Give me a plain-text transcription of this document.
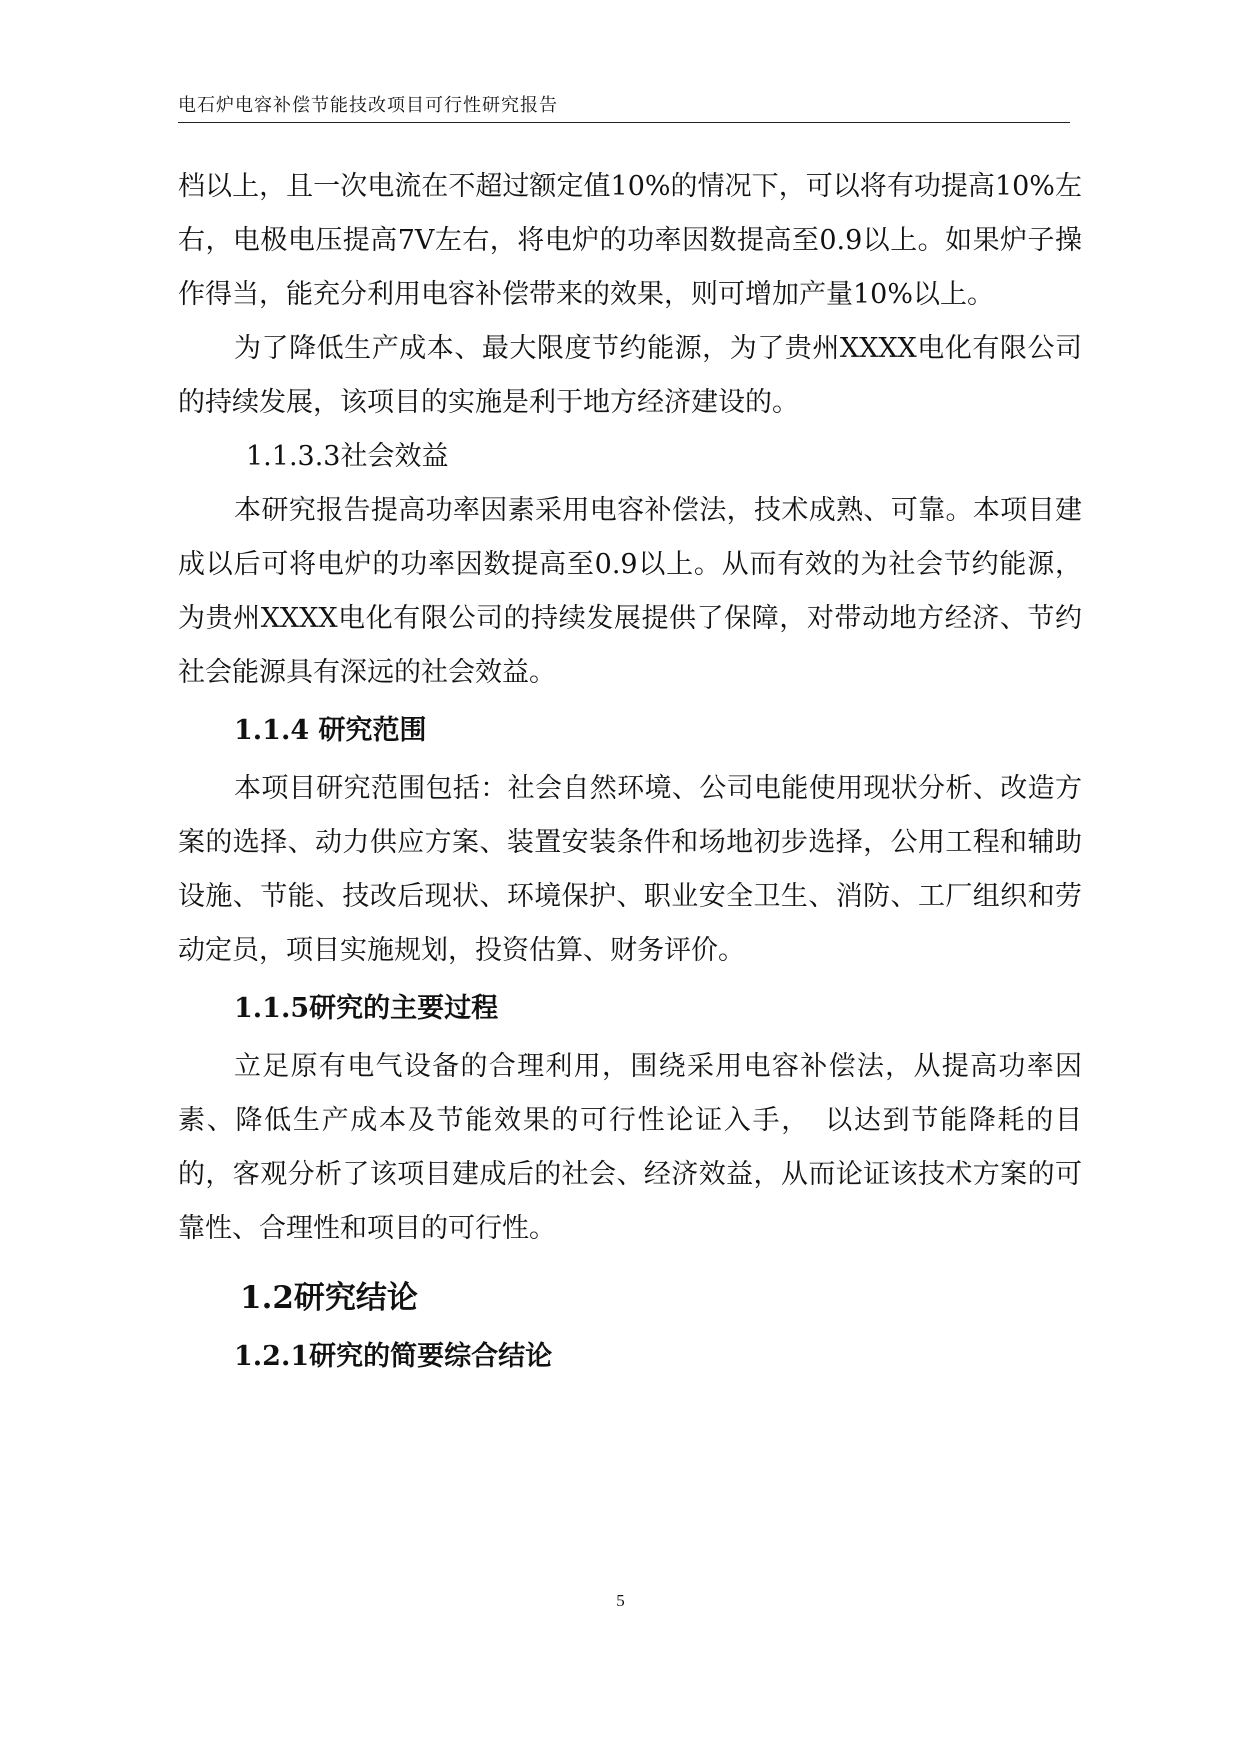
电石炉电容补偿节能技改项目可行性研究报告

档以上，且一次电流在不超过额定值10%的情况下，可以将有功提高10%左右，电极电压提高7V左右，将电炉的功率因数提高至0.9以上。如果炉子操作得当，能充分利用电容补偿带来的效果，则可增加产量10%以上。

为了降低生产成本、最大限度节约能源，为了贵州XXXX电化有限公司的持续发展，该项目的实施是利于地方经济建设的。

1.1.3.3社会效益

本研究报告提高功率因素采用电容补偿法，技术成熟、可靠。本项目建成以后可将电炉的功率因数提高至0.9以上。从而有效的为社会节约能源，为贵州XXXX电化有限公司的持续发展提供了保障，对带动地方经济、节约社会能源具有深远的社会效益。

1.1.4 研究范围

本项目研究范围包括：社会自然环境、公司电能使用现状分析、改造方案的选择、动力供应方案、装置安装条件和场地初步选择，公用工程和辅助设施、节能、技改后现状、环境保护、职业安全卫生、消防、工厂组织和劳动定员，项目实施规划，投资估算、财务评价。

1.1.5研究的主要过程

立足原有电气设备的合理利用，围绕采用电容补偿法，从提高功率因素、降低生产成本及节能效果的可行性论证入手，　以达到节能降耗的目的，客观分析了该项目建成后的社会、经济效益，从而论证该技术方案的可靠性、合理性和项目的可行性。

1.2研究结论

1.2.1研究的简要综合结论

5
